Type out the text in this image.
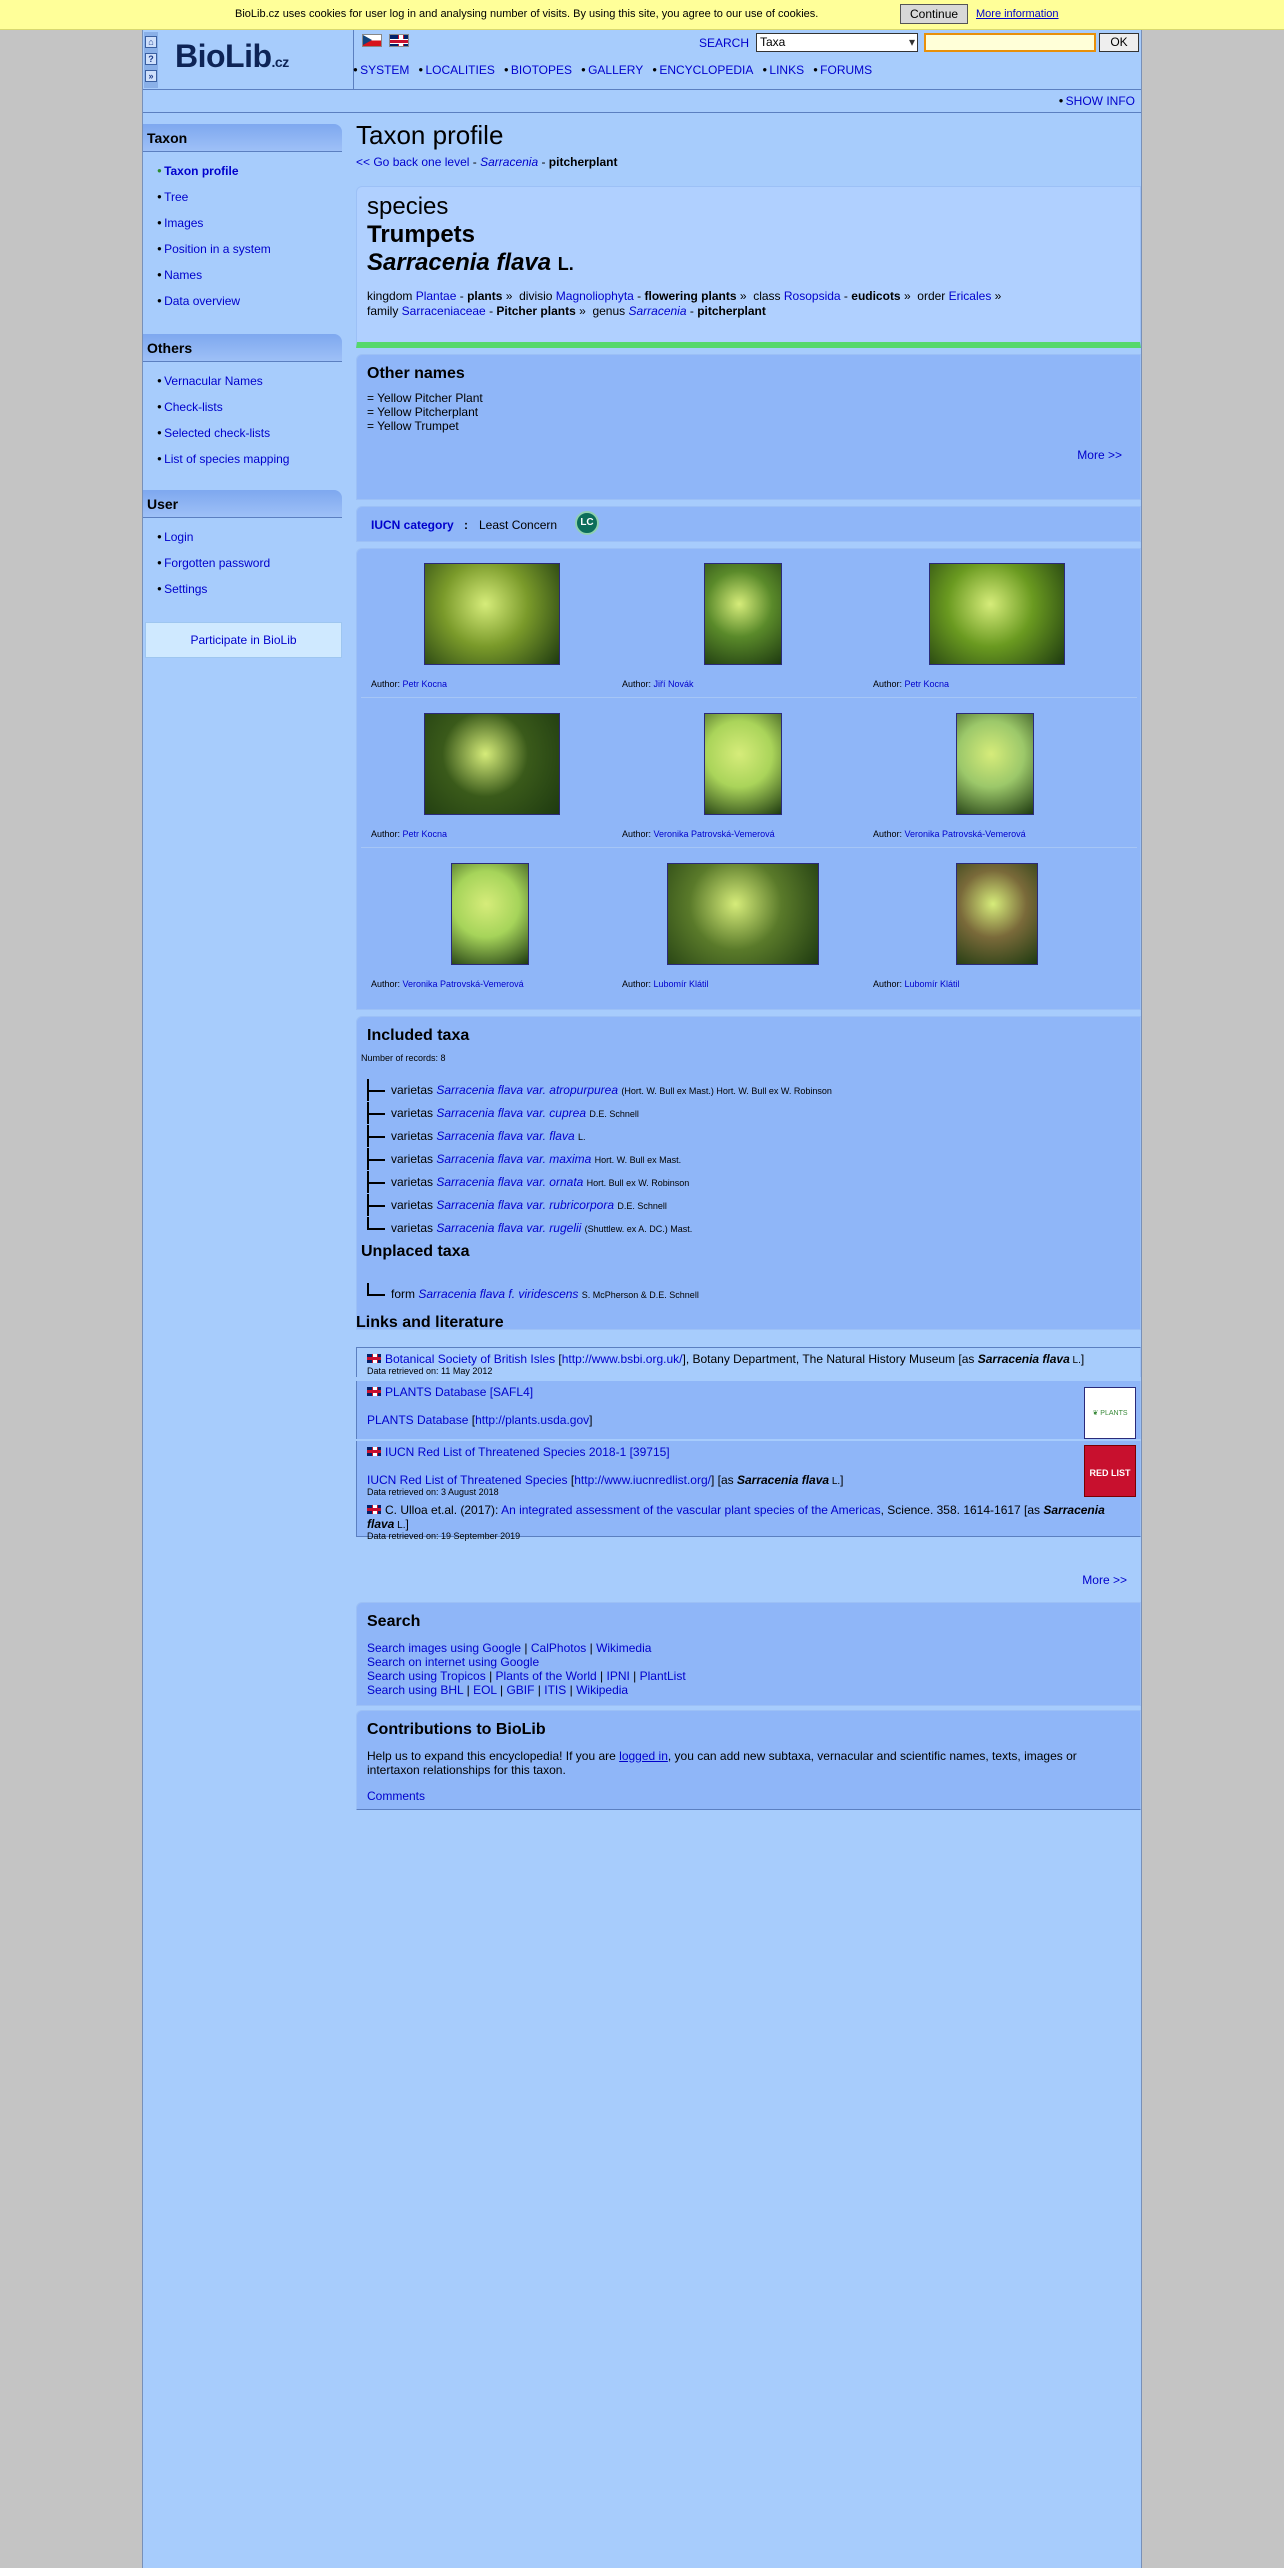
BioLib.cz uses cookies for user log in and analysing number of visits. By using this site, you agree to our use of cookies.	Continue	More information
⌂
?
»
BioLib.cz
SEARCH Taxa ▾	OK
● SYSTEM ● LOCALITIES ● BIOTOPES ● GALLERY ● ENCYCLOPEDIA ● LINKS ● FORUMS
● SHOW INFO
Taxon
● Taxon profile
● Tree
● Images
● Position in a system
● Names
● Data overview
Others
● Vernacular Names
● Check-lists
● Selected check-lists
● List of species mapping
User
● Login
● Forgotten password
● Settings
Participate in BioLib
Taxon profile
<< Go back one level - Sarracenia - pitcherplant
species
Trumpets
Sarracenia flava L.
kingdom Plantae - plants »  divisio Magnoliophyta - flowering plants »  class Rosopsida - eudicots »  order Ericales »
family Sarraceniaceae - Pitcher plants »  genus Sarracenia - pitcherplant
Other names
= Yellow Pitcher Plant
= Yellow Pitcherplant
= Yellow Trumpet
More >>
IUCN category : Least Concern	LC
Author: Petr Kocna	Author: Jiří Novák	Author: Petr Kocna
Author: Petr Kocna	Author: Veronika Patrovská-Vemerová	Author: Veronika Patrovská-Vemerová
Author: Veronika Patrovská-Vemerová	Author: Lubomír Klátil	Author: Lubomír Klátil
Included taxa
Number of records: 8
varietas Sarracenia flava var. atropurpurea (Hort. W. Bull ex Mast.) Hort. W. Bull ex W. Robinson
varietas Sarracenia flava var. cuprea D.E. Schnell
varietas Sarracenia flava var. flava L.
varietas Sarracenia flava var. maxima Hort. W. Bull ex Mast.
varietas Sarracenia flava var. ornata Hort. Bull ex W. Robinson
varietas Sarracenia flava var. rubricorpora D.E. Schnell
varietas Sarracenia flava var. rugelii (Shuttlew. ex A. DC.) Mast.
Unplaced taxa
form Sarracenia flava f. viridescens S. McPherson & D.E. Schnell
Links and literature
Botanical Society of British Isles [http://www.bsbi.org.uk/], Botany Department, The Natural History Museum [as Sarracenia flava L.]
Data retrieved on: 11 May 2012
PLANTS Database [SAFL4]
PLANTS Database [http://plants.usda.gov]	❦ PLANTS
IUCN Red List of Threatened Species 2018-1 [39715]
IUCN Red List of Threatened Species [http://www.iucnredlist.org/] [as Sarracenia flava L.]
Data retrieved on: 3 August 2018
RED LIST
C. Ulloa et.al. (2017): An integrated assessment of the vascular plant species of the Americas, Science. 358. 1614-1617 [as Sarracenia flava L.]
Data retrieved on: 19 September 2019
More >>
Search
Search images using Google | CalPhotos | Wikimedia
Search on internet using Google
Search using Tropicos | Plants of the World | IPNI | PlantList
Search using BHL | EOL | GBIF | ITIS | Wikipedia
Contributions to BioLib
Help us to expand this encyclopedia! If you are logged in, you can add new subtaxa, vernacular and scientific names, texts, images or intertaxon relationships for this taxon.
Comments
